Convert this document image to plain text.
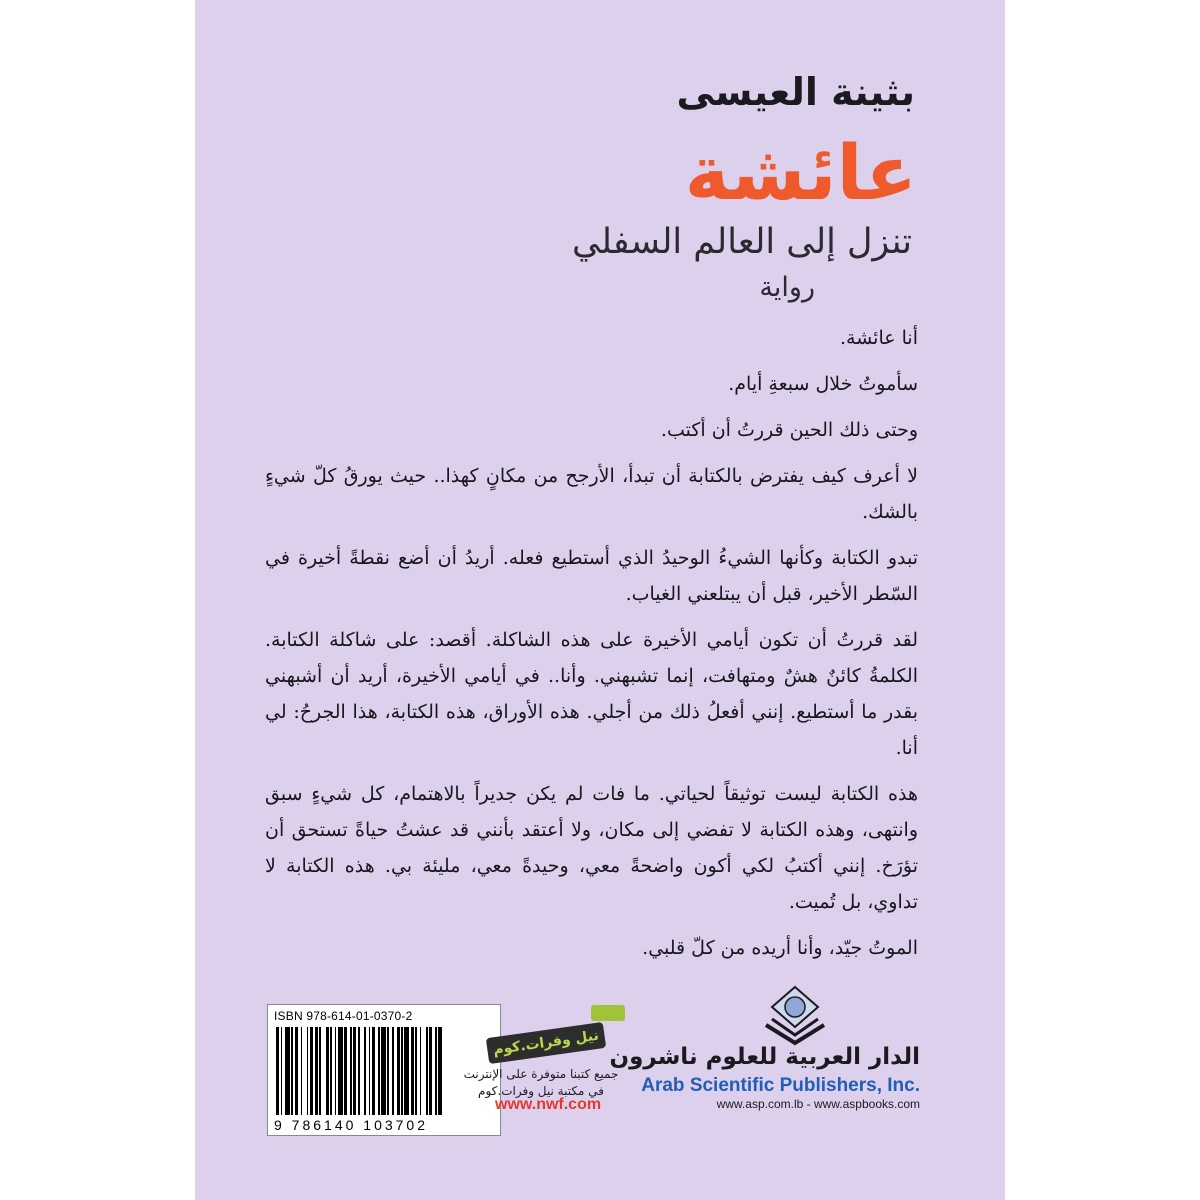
بثينة العيسى
عائشة
تنزل إلى العالم السفلي
رواية

أنا عائشة.

سأموتُ خلال سبعةِ أيام.

وحتى ذلك الحين قررتُ أن أكتب.

لا أعرف كيف يفترض بالكتابة أن تبدأ، الأرجح من مكانٍ كهذا.. حيث يورقُ كلّ شيءٍ بالشك.

تبدو الكتابة وكأنها الشيءُ الوحيدُ الذي أستطيع فعله. أريدُ أن أضع نقطةً أخيرة في السّطر الأخير، قبل أن يبتلعني الغياب.

لقد قررتُ أن تكون أيامي الأخيرة على هذه الشاكلة. أقصد: على شاكلة الكتابة. الكلمةُ كائنٌ هشٌ ومتهافت، إنما تشبهني. وأنا.. في أيامي الأخيرة، أريد أن أشبهني بقدر ما أستطيع. إنني أفعلُ ذلك من أجلي. هذه الأوراق، هذه الكتابة، هذا الجرحُ: لي أنا.

هذه الكتابة ليست توثيقاً لحياتي. ما فات لم يكن جديراً بالاهتمام، كل شيءٍ سبق وانتهى، وهذه الكتابة لا تفضي إلى مكان، ولا أعتقد بأنني قد عشتُ حياةً تستحق أن تؤرَخ. إنني أكتبُ لكي أكون واضحةً معي، وحيدةً معي، مليئة بي. هذه الكتابة لا تداوي، بل تُميت.

الموتُ جيّد، وأنا أريده من كلّ قلبي.

ISBN 978-614-01-0370-2
9 786140 103702
نيل وفرات.كوم
جميع كتبنا متوفرة على الإنترنت
في مكتبة نيل وفرات.كوم
www.nwf.com
الدار العربية للعلوم ناشرون
Arab Scientific Publishers, Inc.
www.asp.com.lb - www.aspbooks.com
